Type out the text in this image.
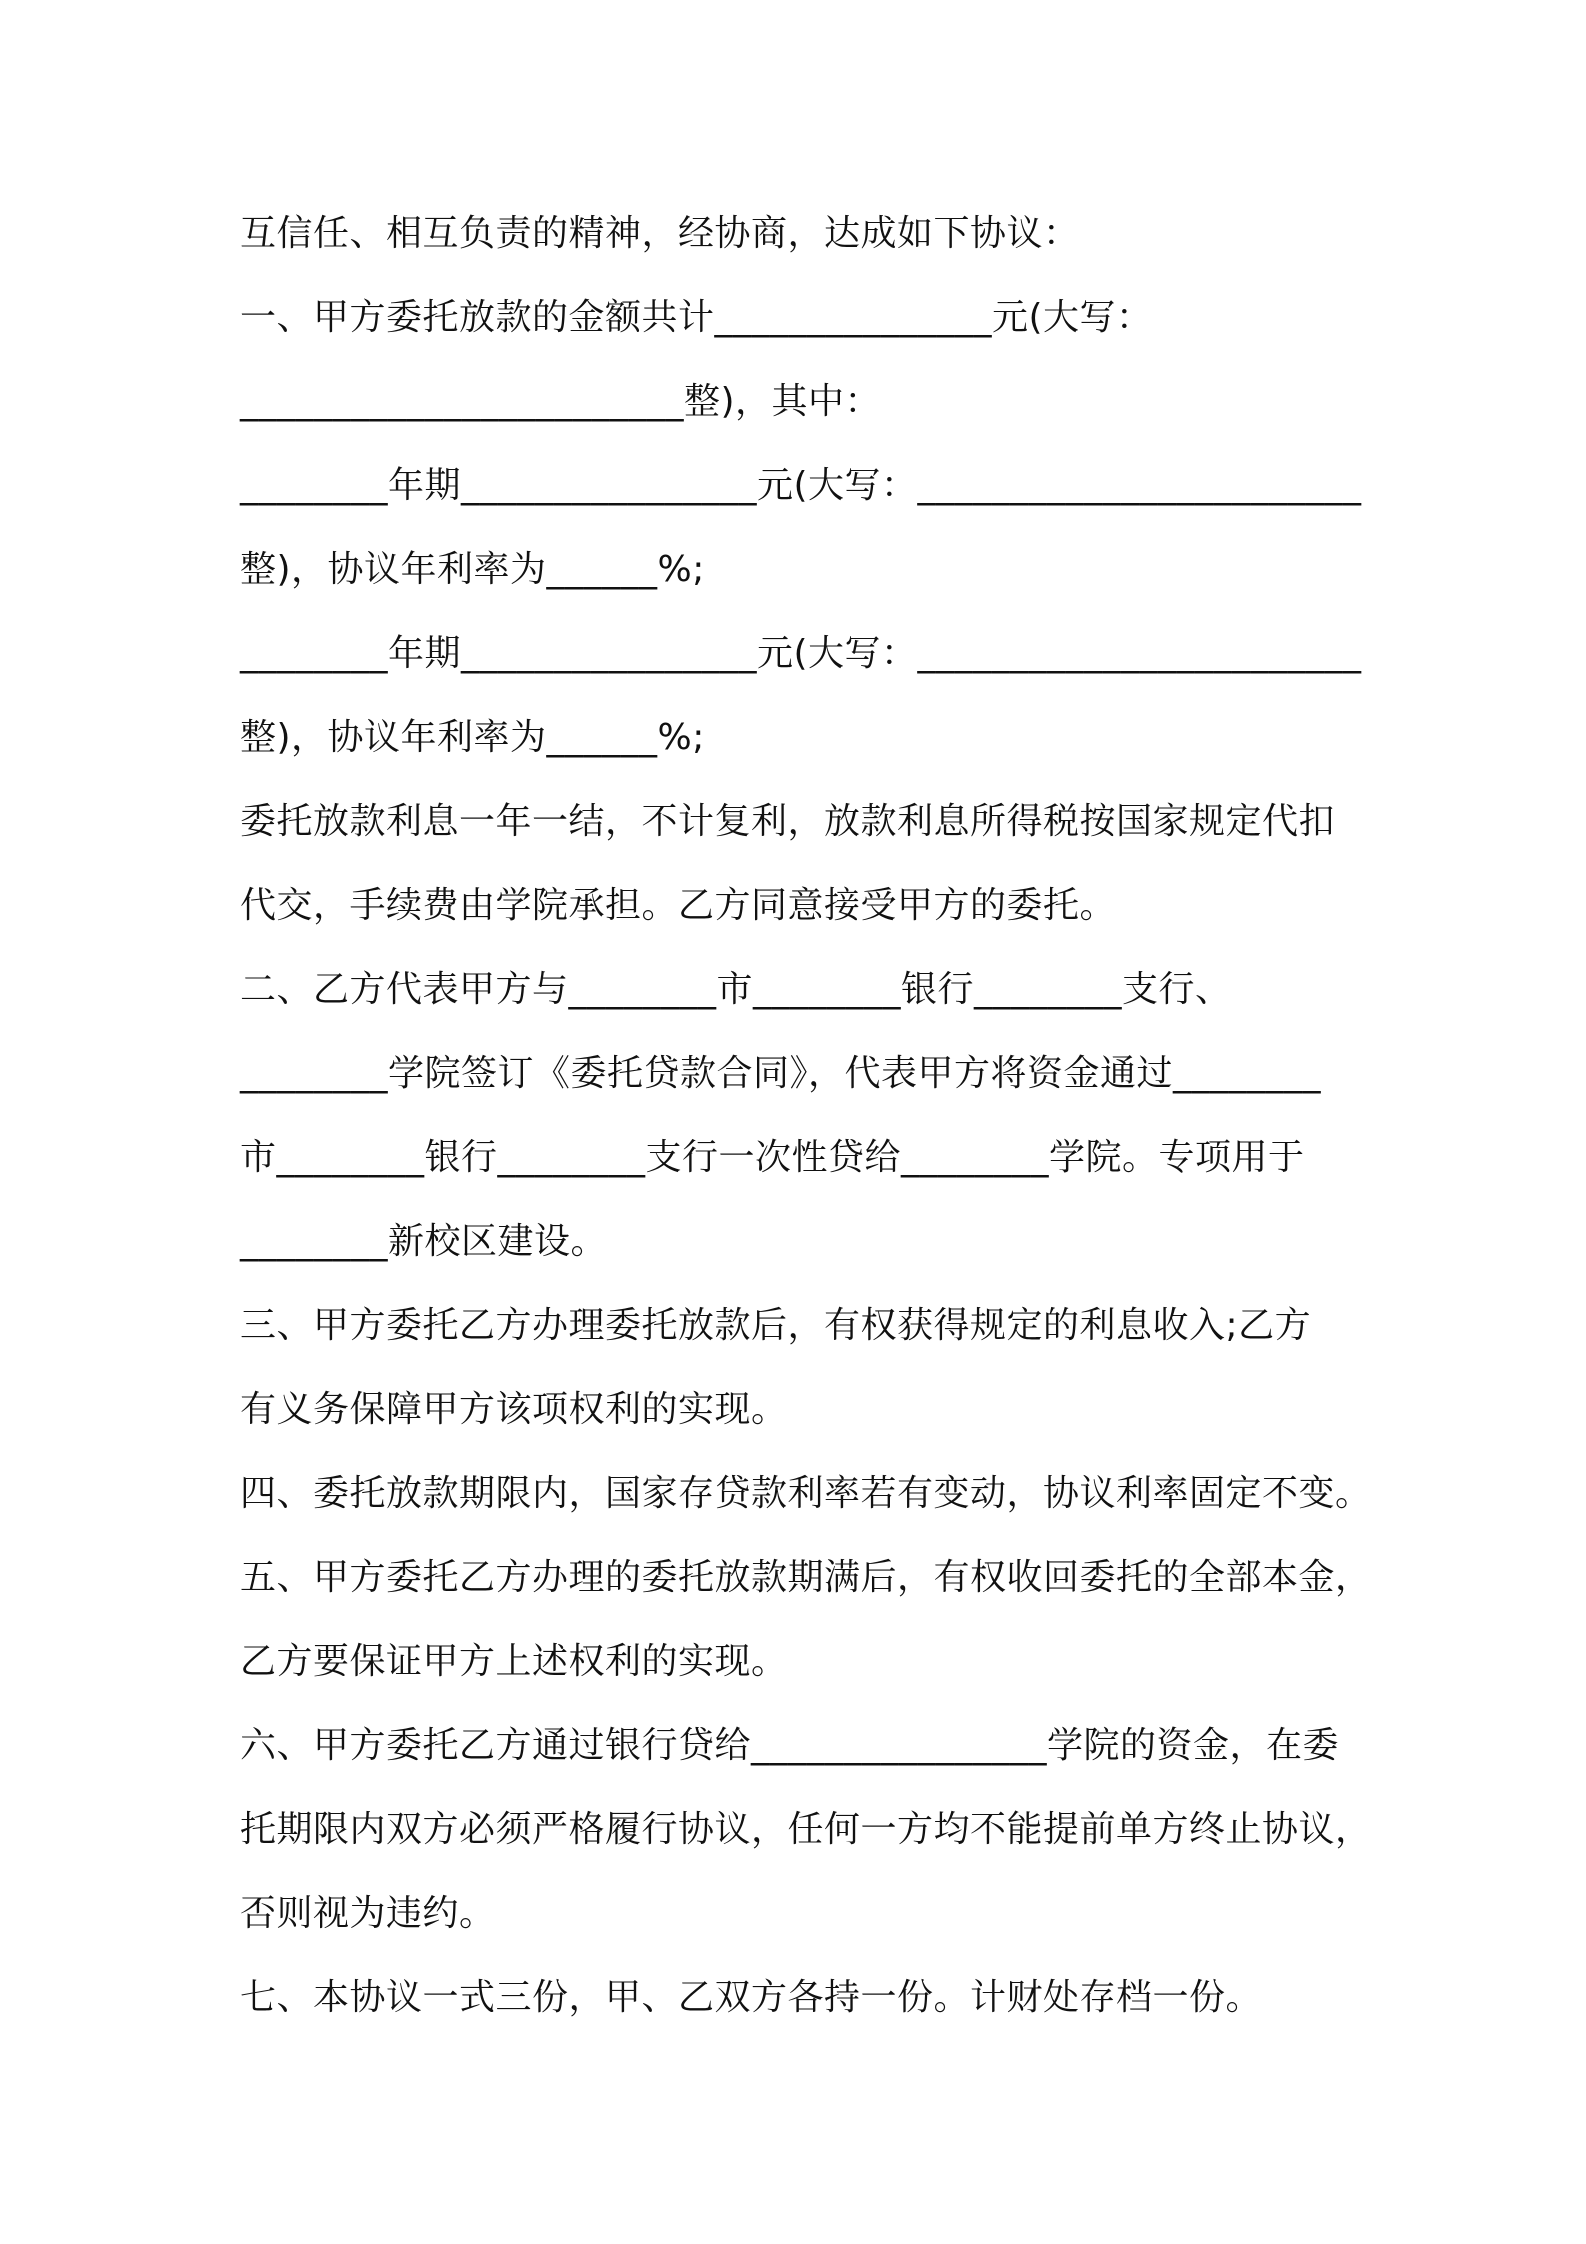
互信任、相互负责的精神，经协商，达成如下协议：
一、甲方委托放款的金额共计_______________元(大写：
________________________整)，其中：
________年期________________元(大写：________________________
整)，协议年利率为______%;
________年期________________元(大写：________________________
整)，协议年利率为______%;
委托放款利息一年一结，不计复利，放款利息所得税按国家规定代扣
代交，手续费由学院承担。乙方同意接受甲方的委托。
二、乙方代表甲方与________市________银行________支行、
________学院签订《委托贷款合同》，代表甲方将资金通过________
市________银行________支行一次性贷给________学院。专项用于
________新校区建设。
三、甲方委托乙方办理委托放款后，有权获得规定的利息收入;乙方
有义务保障甲方该项权利的实现。
四、委托放款期限内，国家存贷款利率若有变动，协议利率固定不变。
五、甲方委托乙方办理的委托放款期满后，有权收回委托的全部本金，
乙方要保证甲方上述权利的实现。
六、甲方委托乙方通过银行贷给________________学院的资金，在委
托期限内双方必须严格履行协议，任何一方均不能提前单方终止协议，
否则视为违约。
七、本协议一式三份，甲、乙双方各持一份。计财处存档一份。
